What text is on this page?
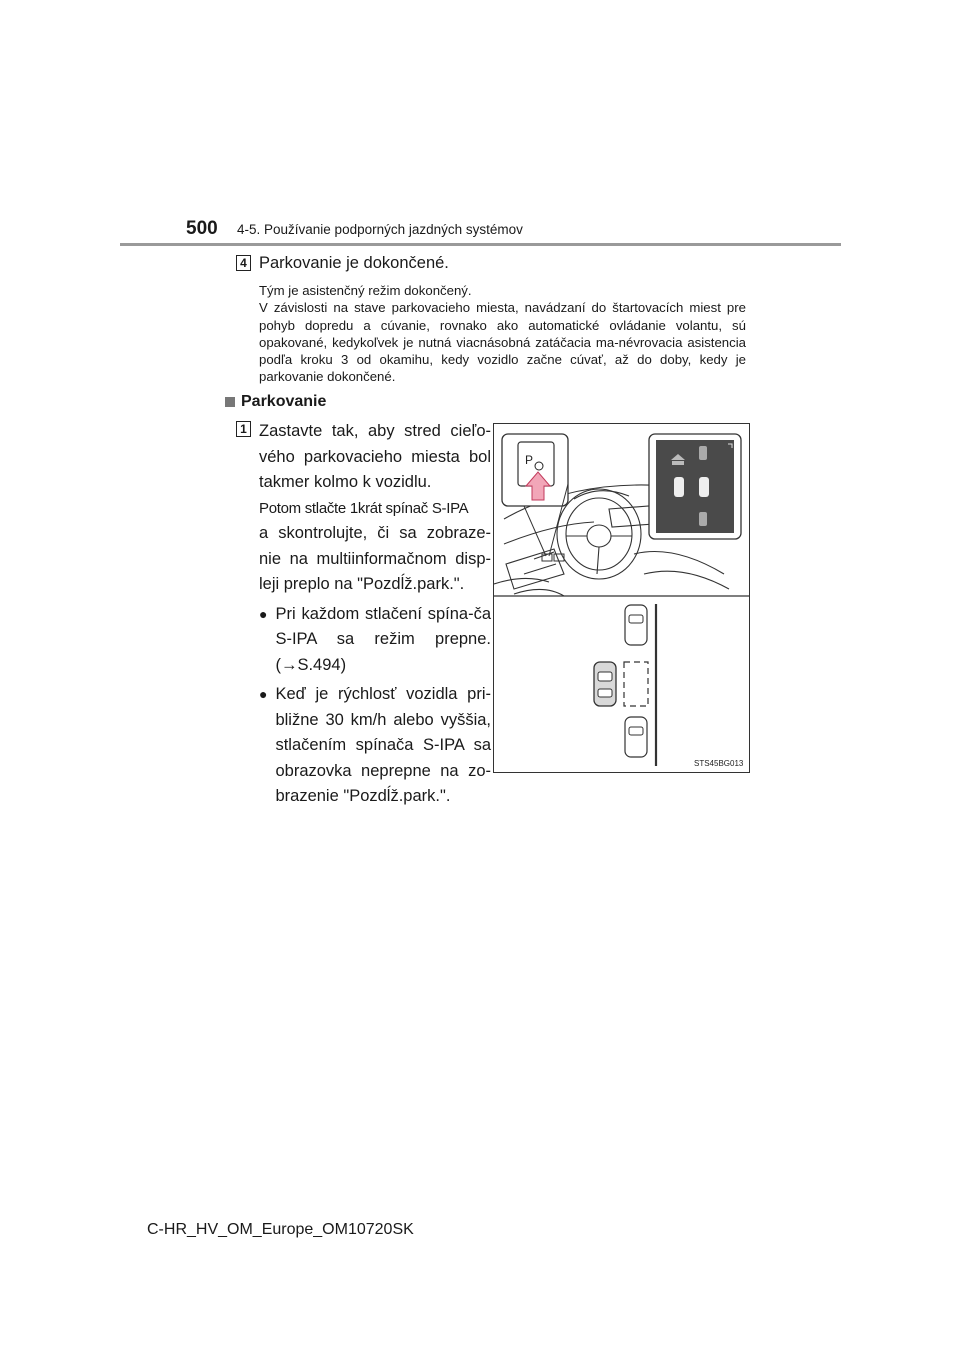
500 4-5. Používanie podporných jazdných systémov
4 Parkovanie je dokončené.

Tým je asistenčný režim dokončený.

V závislosti na stave parkovacieho miesta, navádzaní do štartovacích miest pre pohyb dopredu a cúvanie, rovnako ako automatické ovládanie volantu, sú opakované, kedykoľvek je nutná viacnásobná zatáčacia ma-névrovacia asistencia podľa kroku 3 od okamihu, kedy vozidlo začne cúvať, až do doby, kedy je parkovanie dokončené.

Parkovanie
1 Zastavte tak, aby stred cieľo-vého parkovacieho miesta bol takmer kolmo k vozidlu.

Potom stlačte 1krát spínač S-IPA

a skontrolujte, či sa zobraze-nie na multiinformačnom disp-leji preplo na "Pozdĺž.park.".

● Pri každom stlačení spína-ča S-IPA sa režim prepne. (→S.494)
● Keď je rýchlosť vozidla pri-bližne 30 km/h alebo vyššia, stlačením spínača S-IPA sa obrazovka neprepne na zo-brazenie "Pozdĺž.park.".
P
STS45BG013
C-HR_HV_OM_Europe_OM10720SK
